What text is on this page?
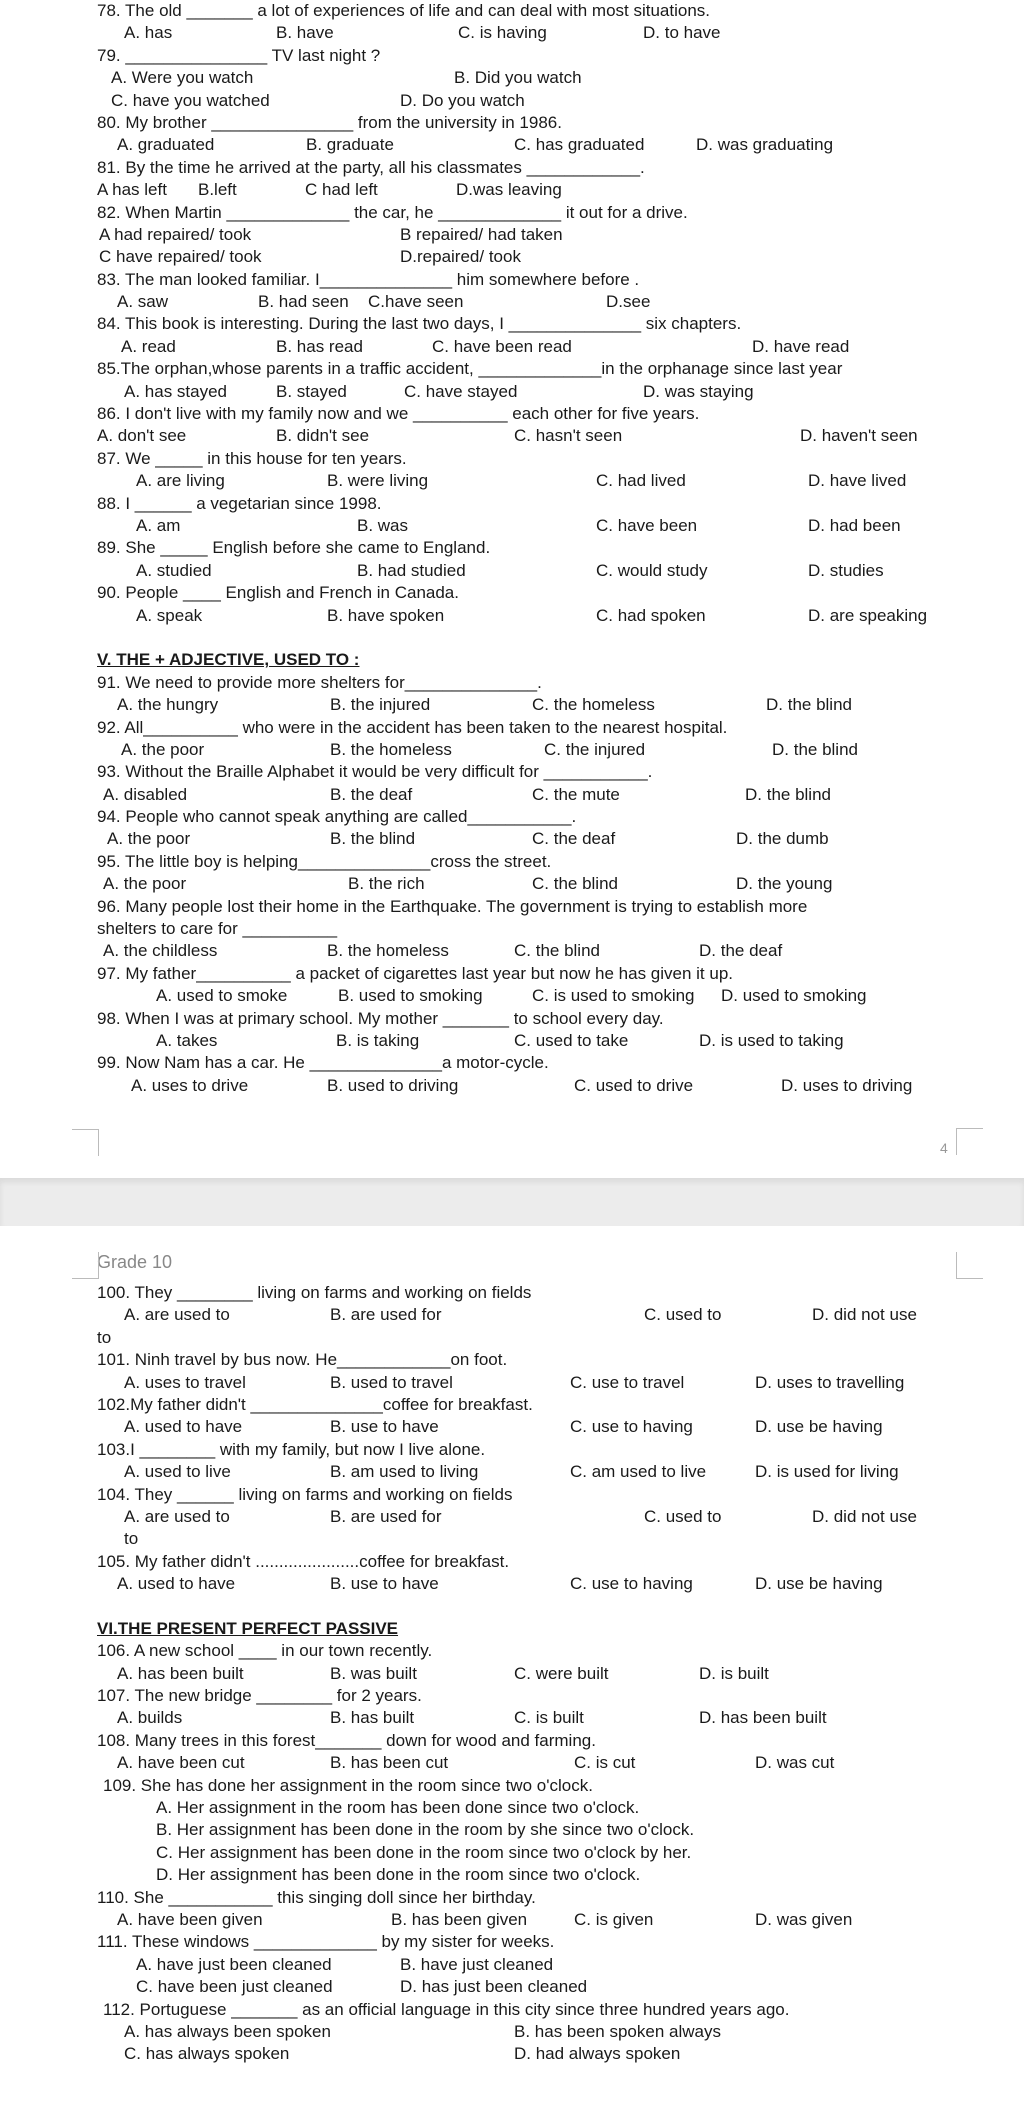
78. The old _______ a lot of experiences of life and can deal with most situations.
A. has	B. have	C. is having	D. to have
79. _______________ TV last night ?
A. Were you watch	B. Did you watch
C. have you watched	D. Do you watch
80. My brother _______________ from the university in 1986.
A. graduated	B. graduate	C. has graduated	D. was graduating
81. By the time he arrived at the party, all his classmates ____________.
A has left B.left	C had left	D.was leaving
82. When Martin _____________ the car, he _____________ it out for a drive.
A had repaired/ took	B repaired/ had taken
C have repaired/ took	D.repaired/ took
83. The man looked familiar. I______________ him somewhere before .
A. saw	B. had seen C.have seen	D.see
84. This book is interesting. During the last two days, I ______________ six chapters.
A. read	B. has read	C. have been read	D. have read
85.The orphan,whose parents in a traffic accident, _____________in the orphanage since last year
A. has stayed	B. stayed	C. have stayed	D. was staying
86. I don't live with my family now and we __________ each other for five years.
A. don't see	B. didn't see	C. hasn't seen	D. haven't seen
87. We _____ in this house for ten years.
A. are living	B. were living	C. had lived	D. have lived
88. I ______ a vegetarian since 1998.
A. am	B. was	C. have been	D. had been
89. She _____ English before she came to England.
A. studied	B. had studied	C. would study	D. studies
90. People ____ English and French in Canada.
A. speak	B. have spoken	C. had spoken	D. are speaking
V. THE + ADJECTIVE, USED TO :
91. We need to provide more shelters for______________.
A. the hungry	B. the injured	C. the homeless	D. the blind
92. All__________ who were in the accident has been taken to the nearest hospital.
A. the poor	B. the homeless	C. the injured	D. the blind
93. Without the Braille Alphabet it would be very difficult for ___________.
A. disabled	B. the deaf	C. the mute	D. the blind
94. People who cannot speak anything are called___________.
A. the poor	B. the blind	C. the deaf	D. the dumb
95. The little boy is helping______________cross the street.
A. the poor	B. the rich	C. the blind	D. the young
96. Many people lost their home in the Earthquake. The government is trying to establish more
shelters to care for __________
A. the childless	B. the homeless	C. the blind	D. the deaf
97. My father__________ a packet of cigarettes last year but now he has given it up.
A. used to smoke	B. used to smoking	C. is used to smoking D. used to smoking
98. When I was at primary school. My mother _______ to school every day.
A. takes	B. is taking	C. used to take	D. is used to taking
99. Now Nam has a car. He ______________a motor-cycle.
A. uses to drive	B. used to driving	C. used to drive	D. uses to driving
4
Grade 10
100. They ________ living on farms and working on fields
A. are used to	B. are used for	C. used to	D. did not use
to
101. Ninh travel by bus now. He____________on foot.
A. uses to travel	B. used to travel	C. use to travel	D. uses to travelling
102.My father didn't ______________coffee for breakfast.
A. used to have	B. use to have	C. use to having	D. use be having
103.I ________ with my family, but now I live alone.
A. used to live	B. am used to living	C. am used to live	D. is used for living
104. They ______ living on farms and working on fields
A. are used to	B. are used for	C. used to	D. did not use
to
105. My father didn't ......................coffee for breakfast.
A. used to have	B. use to have	C. use to having	D. use be having
VI.THE PRESENT PERFECT PASSIVE
106. A new school ____ in our town recently.
A. has been built	B. was built	C. were built	D. is built
107. The new bridge ________ for 2 years.
A. builds	B. has built	C. is built	D. has been built
108. Many trees in this forest_______ down for wood and farming.
A. have been cut	B. has been cut	C. is cut	D. was cut
109. She has done her assignment in the room since two o'clock.
A. Her assignment in the room has been done since two o'clock.
B. Her assignment has been done in the room by she since two o'clock.
C. Her assignment has been done in the room since two o'clock by her.
D. Her assignment has been done in the room since two o'clock.
110. She ___________ this singing doll since her birthday.
A. have been given	B. has been given	C. is given	D. was given
111. These windows _____________ by my sister for weeks.
A. have just been cleaned	B. have just cleaned
C. have been just cleaned	D. has just been cleaned
112. Portuguese _______ as an official language in this city since three hundred years ago.
A. has always been spoken	B. has been spoken always
C. has always spoken	D. had always spoken
